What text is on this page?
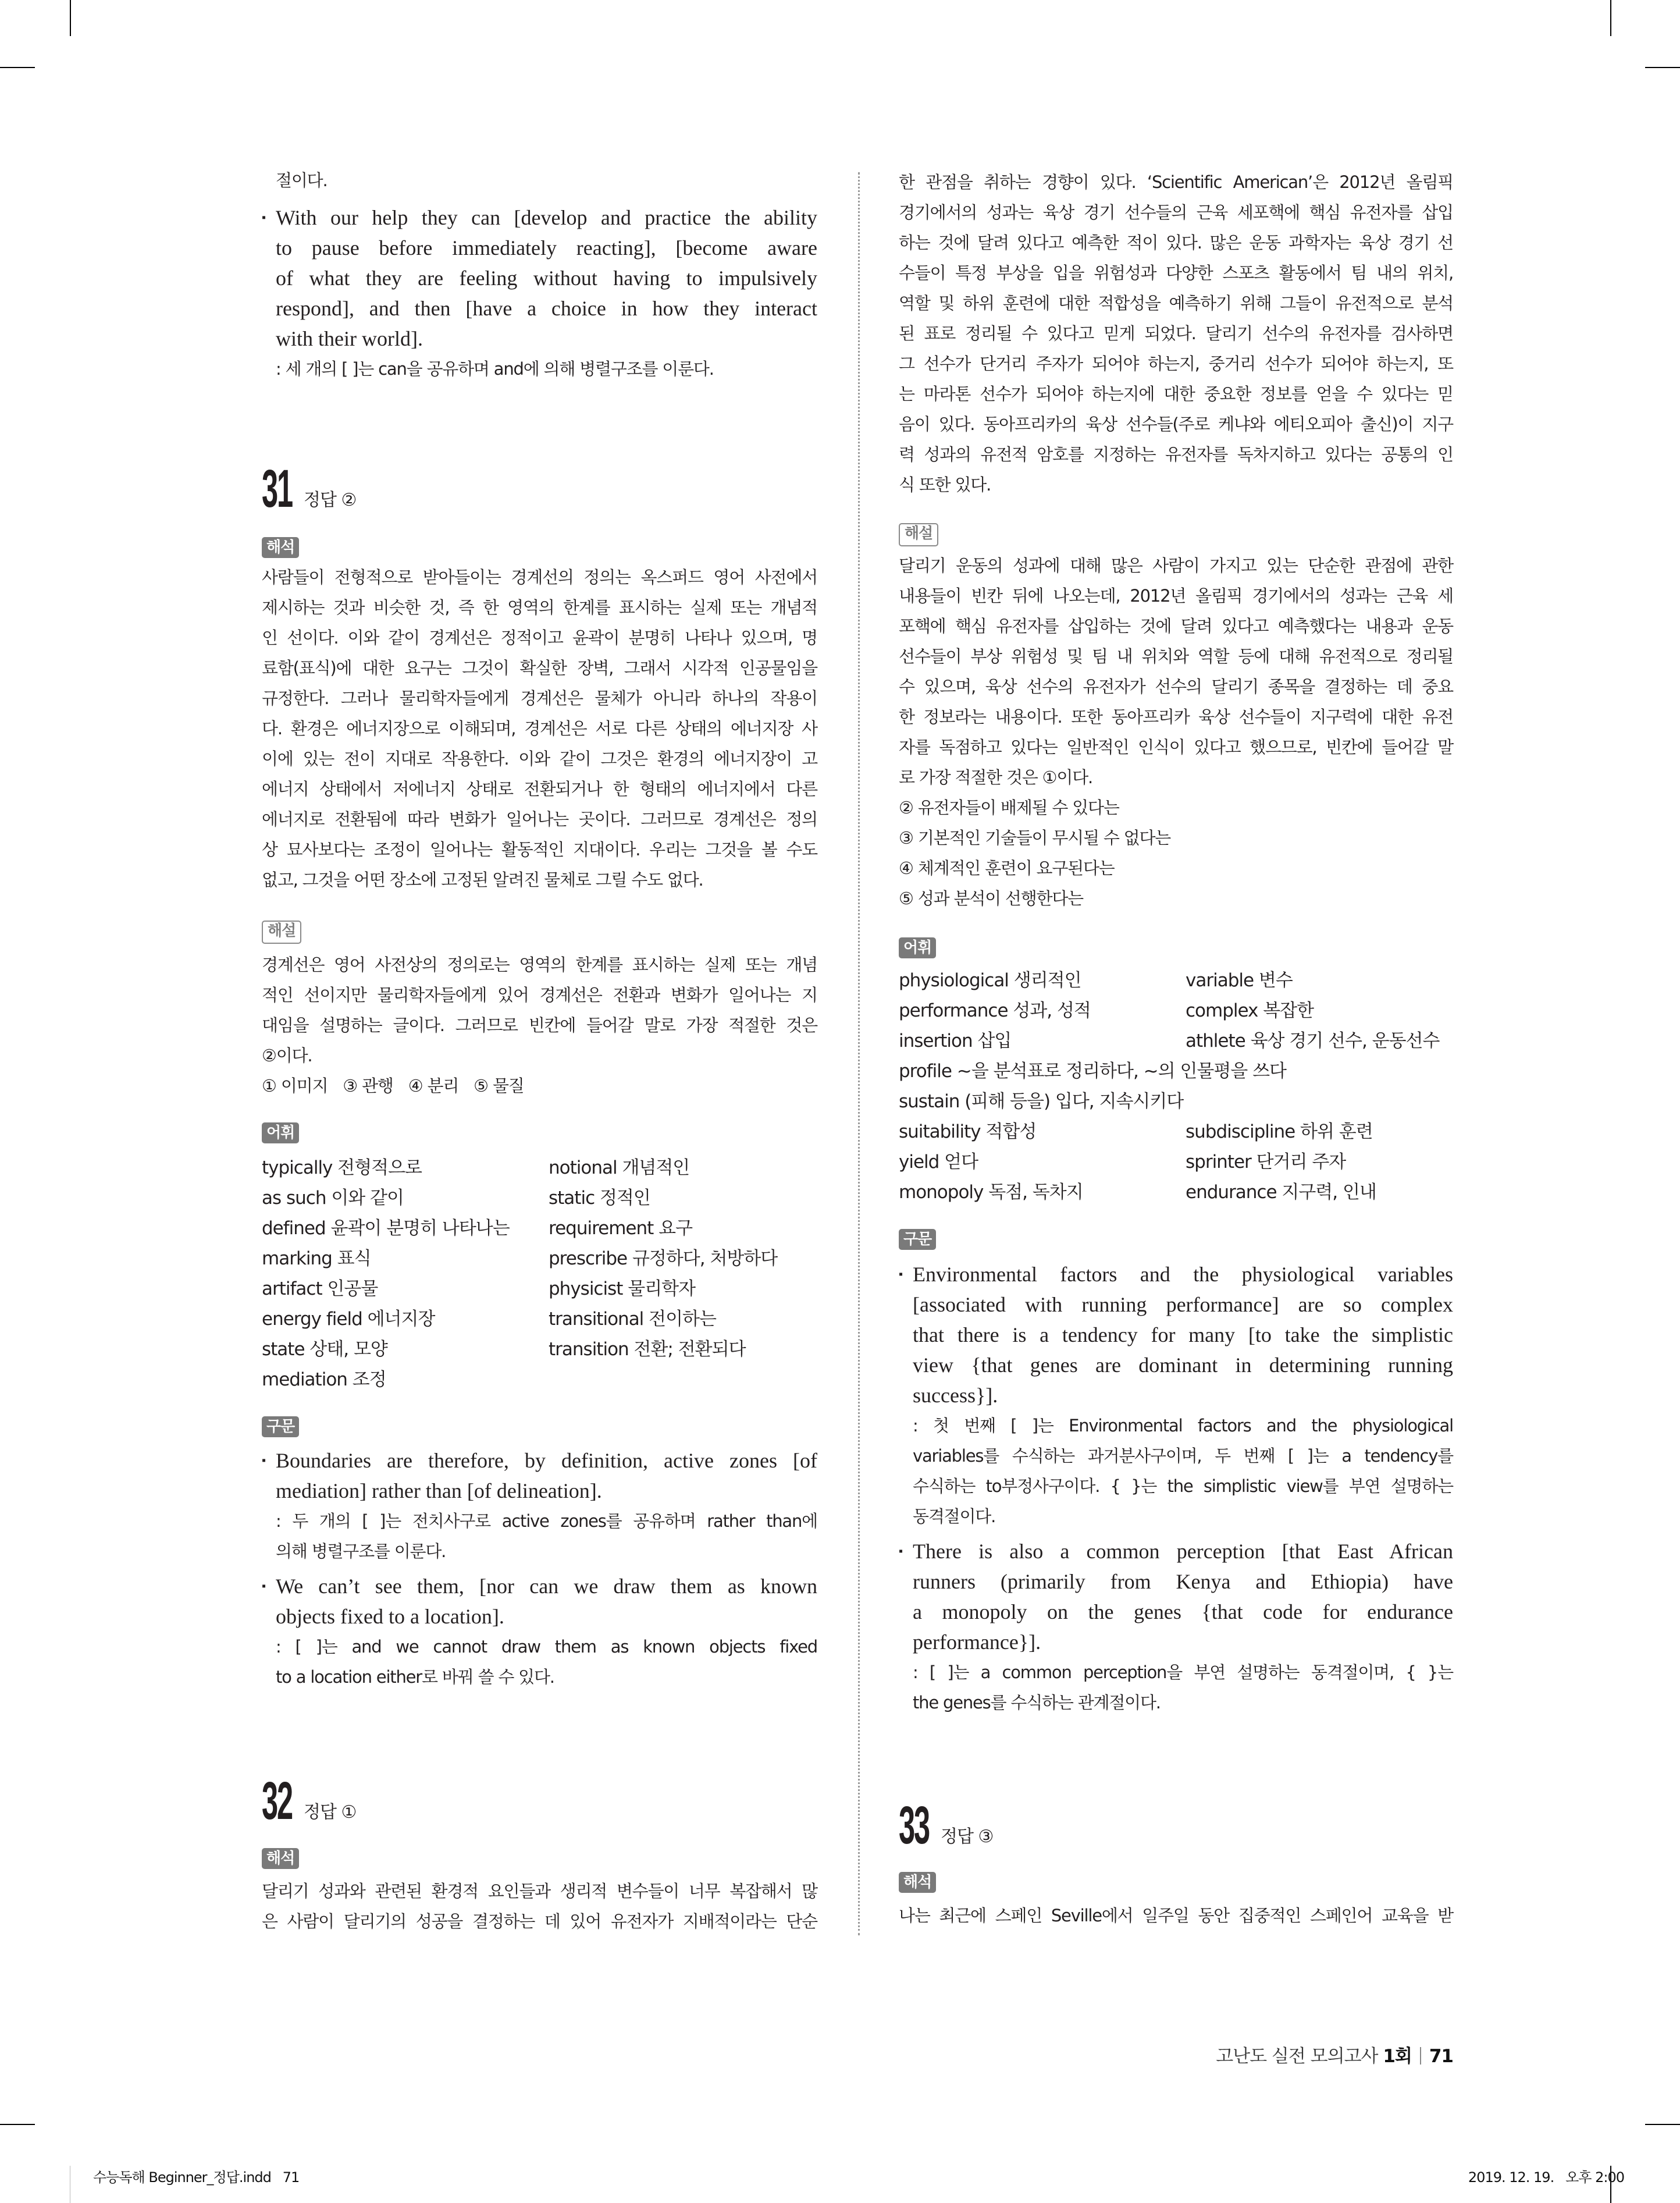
절이다.
▪ With our help they can [develop and practice the ability
to pause before immediately reacting], [become aware
of what they are feeling without having to impulsively
respond], and then [have a choice in how they interact
with their world].
: 세 개의 [ ]는 can을 공유하며 and에 의해 병렬구조를 이룬다.
31 정답 ②
해석
사람들이 전형적으로 받아들이는 경계선의 정의는 옥스퍼드 영어 사전에서
제시하는 것과 비슷한 것, 즉 한 영역의 한계를 표시하는 실제 또는 개념적
인 선이다. 이와 같이 경계선은 정적이고 윤곽이 분명히 나타나 있으며, 명
료함(표식)에 대한 요구는 그것이 확실한 장벽, 그래서 시각적 인공물임을
규정한다. 그러나 물리학자들에게 경계선은 물체가 아니라 하나의 작용이
다. 환경은 에너지장으로 이해되며, 경계선은 서로 다른 상태의 에너지장 사
이에 있는 전이 지대로 작용한다. 이와 같이 그것은 환경의 에너지장이 고
에너지 상태에서 저에너지 상태로 전환되거나 한 형태의 에너지에서 다른
에너지로 전환됨에 따라 변화가 일어나는 곳이다. 그러므로 경계선은 정의
상 묘사보다는 조정이 일어나는 활동적인 지대이다. 우리는 그것을 볼 수도
없고, 그것을 어떤 장소에 고정된 알려진 물체로 그릴 수도 없다.
해설
경계선은 영어 사전상의 정의로는 영역의 한계를 표시하는 실제 또는 개념
적인 선이지만 물리학자들에게 있어 경계선은 전환과 변화가 일어나는 지
대임을 설명하는 글이다. 그러므로 빈칸에 들어갈 말로 가장 적절한 것은
②이다.
① 이미지 ③ 관행 ④ 분리 ⑤ 물질
어휘
typically 전형적으로	notional 개념적인
as such 이와 같이	static 정적인
defined 윤곽이 분명히 나타나는	requirement 요구
marking 표식	prescribe 규정하다, 처방하다
artifact 인공물	physicist 물리학자
energy field 에너지장	transitional 전이하는
state 상태, 모양	transition 전환; 전환되다
mediation 조정
구문
▪ Boundaries are therefore, by definition, active zones [of
mediation] rather than [of delineation].
: 두 개의 [ ]는 전치사구로 active zones를 공유하며 rather than에
의해 병렬구조를 이룬다.
▪ We can’t see them, [nor can we draw them as known
objects fixed to a location].
: [ ]는 and we cannot draw them as known objects fixed
to a location either로 바꿔 쓸 수 있다.
32 정답 ①
해석
달리기 성과와 관련된 환경적 요인들과 생리적 변수들이 너무 복잡해서 많
은 사람이 달리기의 성공을 결정하는 데 있어 유전자가 지배적이라는 단순
한 관점을 취하는 경향이 있다. ‘Scientific American’은 2012년 올림픽
경기에서의 성과는 육상 경기 선수들의 근육 세포핵에 핵심 유전자를 삽입
하는 것에 달려 있다고 예측한 적이 있다. 많은 운동 과학자는 육상 경기 선
수들이 특정 부상을 입을 위험성과 다양한 스포츠 활동에서 팀 내의 위치,
역할 및 하위 훈련에 대한 적합성을 예측하기 위해 그들이 유전적으로 분석
된 표로 정리될 수 있다고 믿게 되었다. 달리기 선수의 유전자를 검사하면
그 선수가 단거리 주자가 되어야 하는지, 중거리 선수가 되어야 하는지, 또
는 마라톤 선수가 되어야 하는지에 대한 중요한 정보를 얻을 수 있다는 믿
음이 있다. 동아프리카의 육상 선수들(주로 케냐와 에티오피아 출신)이 지구
력 성과의 유전적 암호를 지정하는 유전자를 독차지하고 있다는 공통의 인
식 또한 있다.
해설
달리기 운동의 성과에 대해 많은 사람이 가지고 있는 단순한 관점에 관한
내용들이 빈칸 뒤에 나오는데, 2012년 올림픽 경기에서의 성과는 근육 세
포핵에 핵심 유전자를 삽입하는 것에 달려 있다고 예측했다는 내용과 운동
선수들이 부상 위험성 및 팀 내 위치와 역할 등에 대해 유전적으로 정리될
수 있으며, 육상 선수의 유전자가 선수의 달리기 종목을 결정하는 데 중요
한 정보라는 내용이다. 또한 동아프리카 육상 선수들이 지구력에 대한 유전
자를 독점하고 있다는 일반적인 인식이 있다고 했으므로, 빈칸에 들어갈 말
로 가장 적절한 것은 ①이다.
② 유전자들이 배제될 수 있다는
③ 기본적인 기술들이 무시될 수 없다는
④ 체계적인 훈련이 요구된다는
⑤ 성과 분석이 선행한다는
어휘
physiological 생리적인	variable 변수
performance 성과, 성적	complex 복잡한
insertion 삽입	athlete 육상 경기 선수, 운동선수
profile ~을 분석표로 정리하다, ~의 인물평을 쓰다
sustain (피해 등을) 입다, 지속시키다
suitability 적합성	subdiscipline 하위 훈련
yield 얻다	sprinter 단거리 주자
monopoly 독점, 독차지	endurance 지구력, 인내
구문
▪ Environmental factors and the physiological variables
[associated with running performance] are so complex
that there is a tendency for many [to take the simplistic
view {that genes are dominant in determining running
success}].
: 첫 번째 [ ]는 Environmental factors and the physiological
variables를 수식하는 과거분사구이며, 두 번째 [ ]는 a tendency를
수식하는 to부정사구이다. { }는 the simplistic view를 부연 설명하는
동격절이다.
▪ There is also a common perception [that East African
runners (primarily from Kenya and Ethiopia) have
a monopoly on the genes {that code for endurance
performance}].
: [ ]는 a common perception을 부연 설명하는 동격절이며, { }는
the genes를 수식하는 관계절이다.
33 정답 ③
해석
나는 최근에 스페인 Seville에서 일주일 동안 집중적인 스페인어 교육을 받
고난도 실전 모의고사 1회 71
수능독해 Beginner_정답.indd   71	2019. 12. 19.   오후 2:00
